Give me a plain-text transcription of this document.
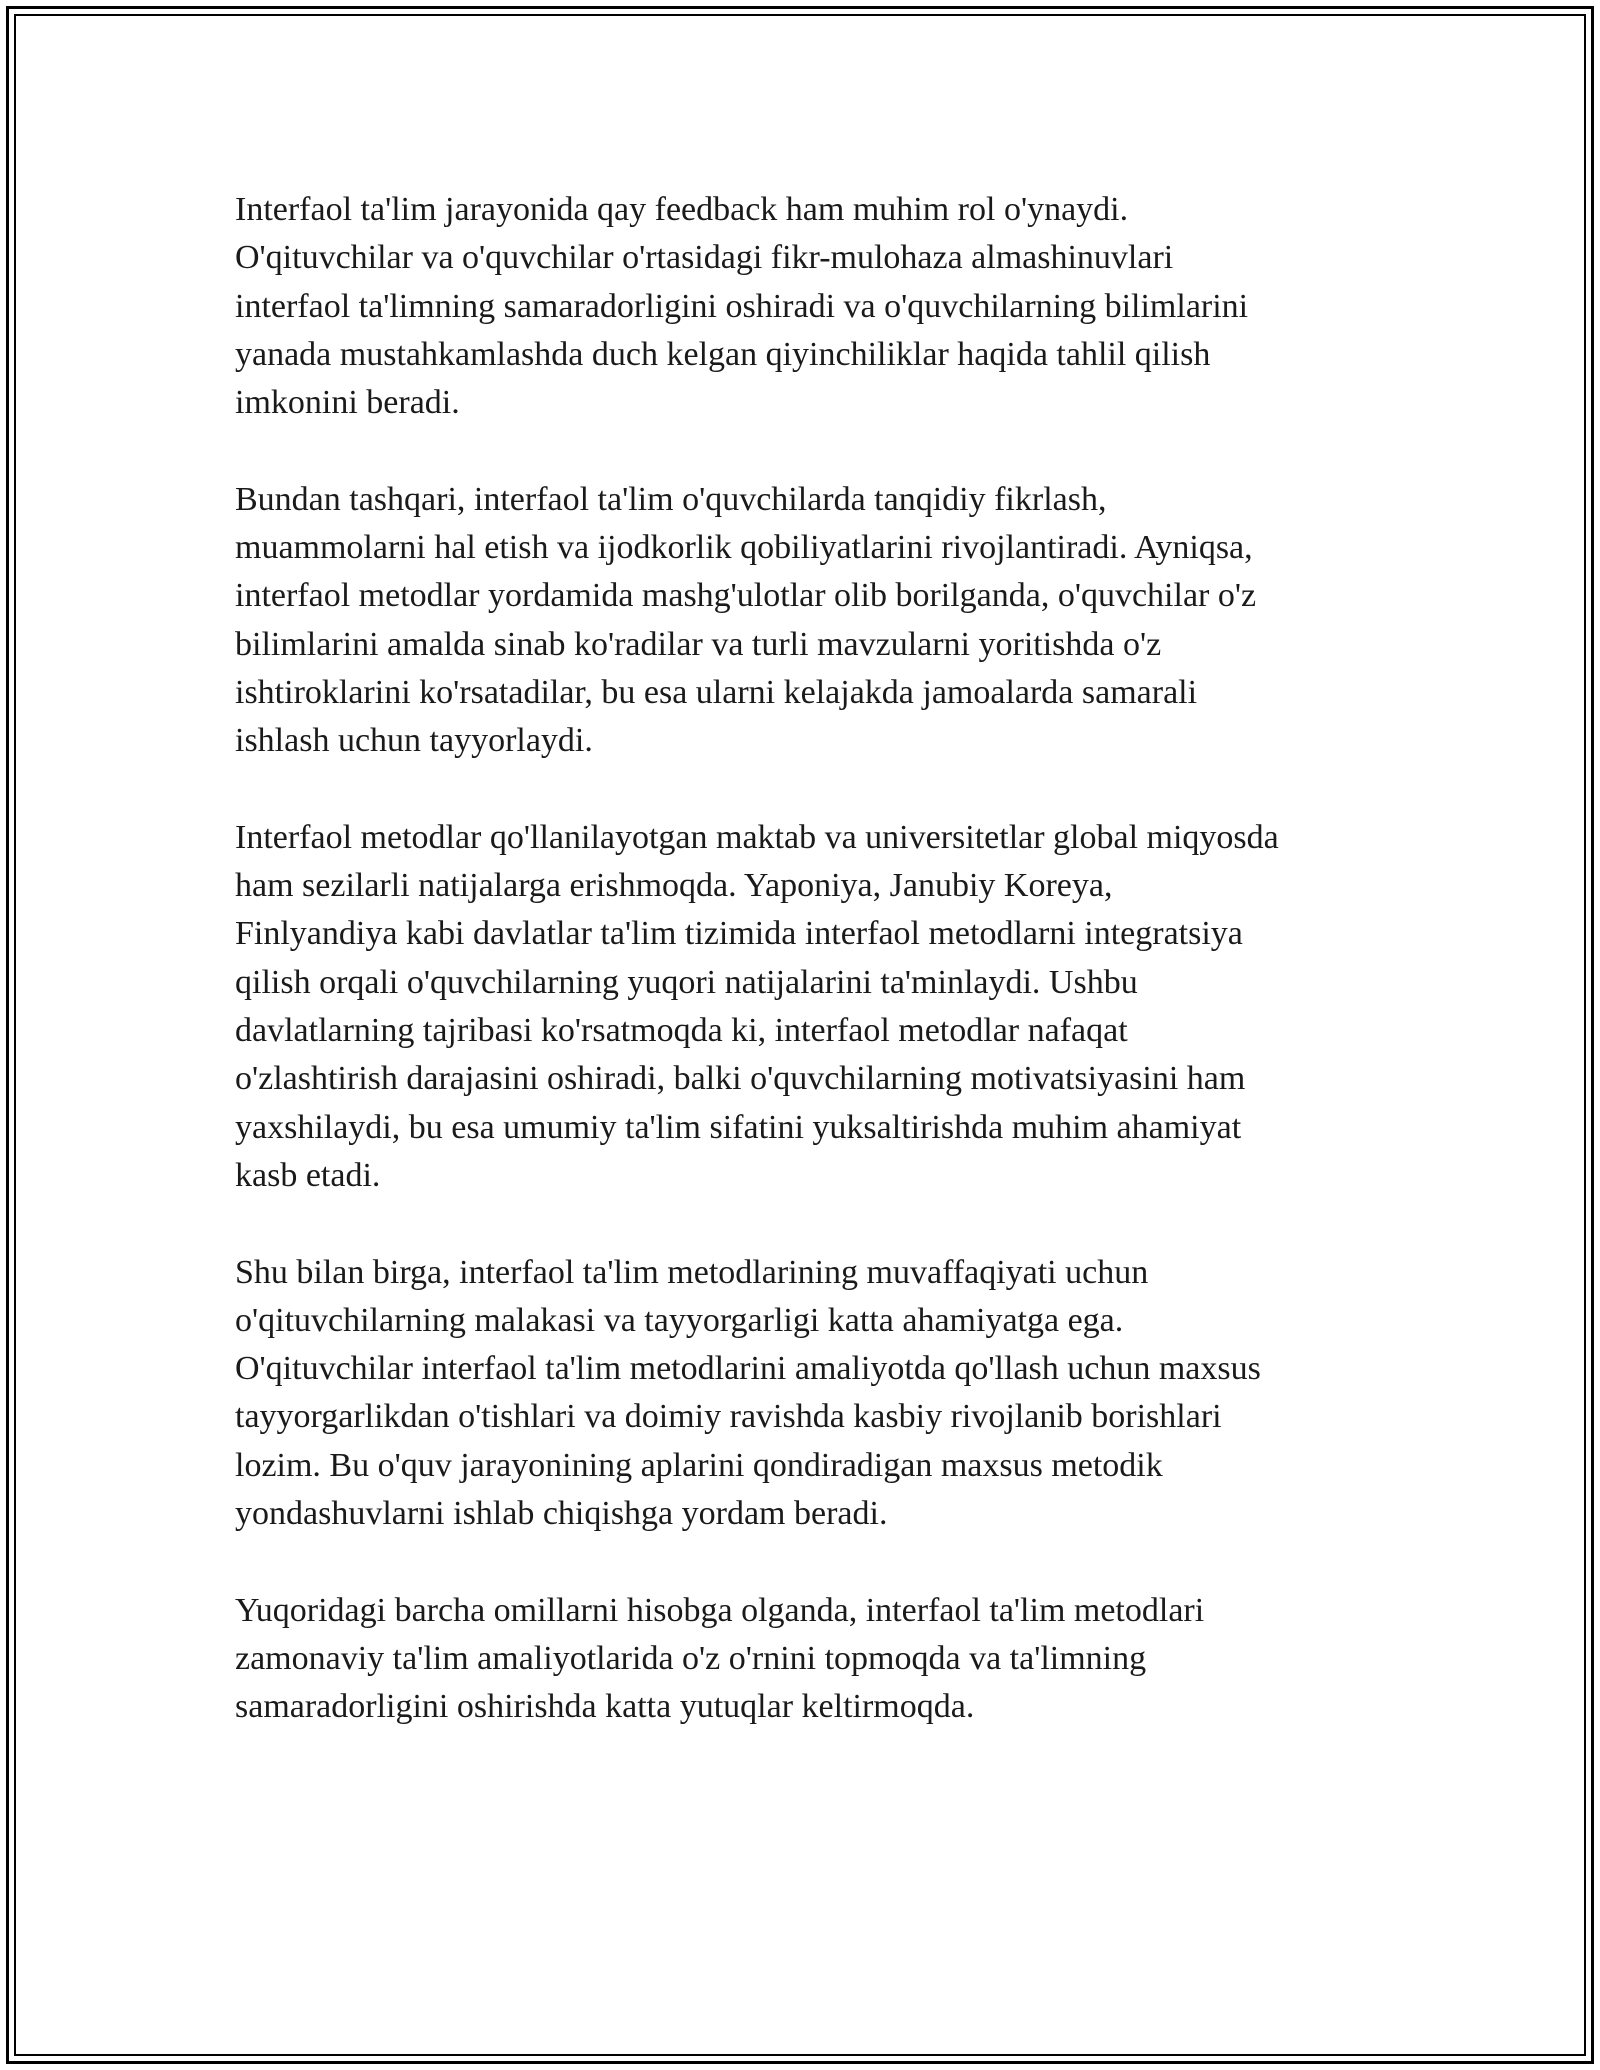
Interfaol ta'lim jarayonida qay feedback ham muhim rol o'ynaydi.
O'qituvchilar va o'quvchilar o'rtasidagi fikr-mulohaza almashinuvlari
interfaol ta'limning samaradorligini oshiradi va o'quvchilarning bilimlarini
yanada mustahkamlashda duch kelgan qiyinchiliklar haqida tahlil qilish
imkonini beradi.

Bundan tashqari, interfaol ta'lim o'quvchilarda tanqidiy fikrlash,
muammolarni hal etish va ijodkorlik qobiliyatlarini rivojlantiradi. Ayniqsa,
interfaol metodlar yordamida mashg'ulotlar olib borilganda, o'quvchilar o'z
bilimlarini amalda sinab ko'radilar va turli mavzularni yoritishda o'z
ishtiroklarini ko'rsatadilar, bu esa ularni kelajakda jamoalarda samarali
ishlash uchun tayyorlaydi.

Interfaol metodlar qo'llanilayotgan maktab va universitetlar global miqyosda
ham sezilarli natijalarga erishmoqda. Yaponiya, Janubiy Koreya,
Finlyandiya kabi davlatlar ta'lim tizimida interfaol metodlarni integratsiya
qilish orqali o'quvchilarning yuqori natijalarini ta'minlaydi. Ushbu
davlatlarning tajribasi ko'rsatmoqda ki, interfaol metodlar nafaqat
o'zlashtirish darajasini oshiradi, balki o'quvchilarning motivatsiyasini ham
yaxshilaydi, bu esa umumiy ta'lim sifatini yuksaltirishda muhim ahamiyat
kasb etadi.

Shu bilan birga, interfaol ta'lim metodlarining muvaffaqiyati uchun
o'qituvchilarning malakasi va tayyorgarligi katta ahamiyatga ega.
O'qituvchilar interfaol ta'lim metodlarini amaliyotda qo'llash uchun maxsus
tayyorgarlikdan o'tishlari va doimiy ravishda kasbiy rivojlanib borishlari
lozim. Bu o'quv jarayonining aplarini qondiradigan maxsus metodik
yondashuvlarni ishlab chiqishga yordam beradi.

Yuqoridagi barcha omillarni hisobga olganda, interfaol ta'lim metodlari
zamonaviy ta'lim amaliyotlarida o'z o'rnini topmoqda va ta'limning
samaradorligini oshirishda katta yutuqlar keltirmoqda.
